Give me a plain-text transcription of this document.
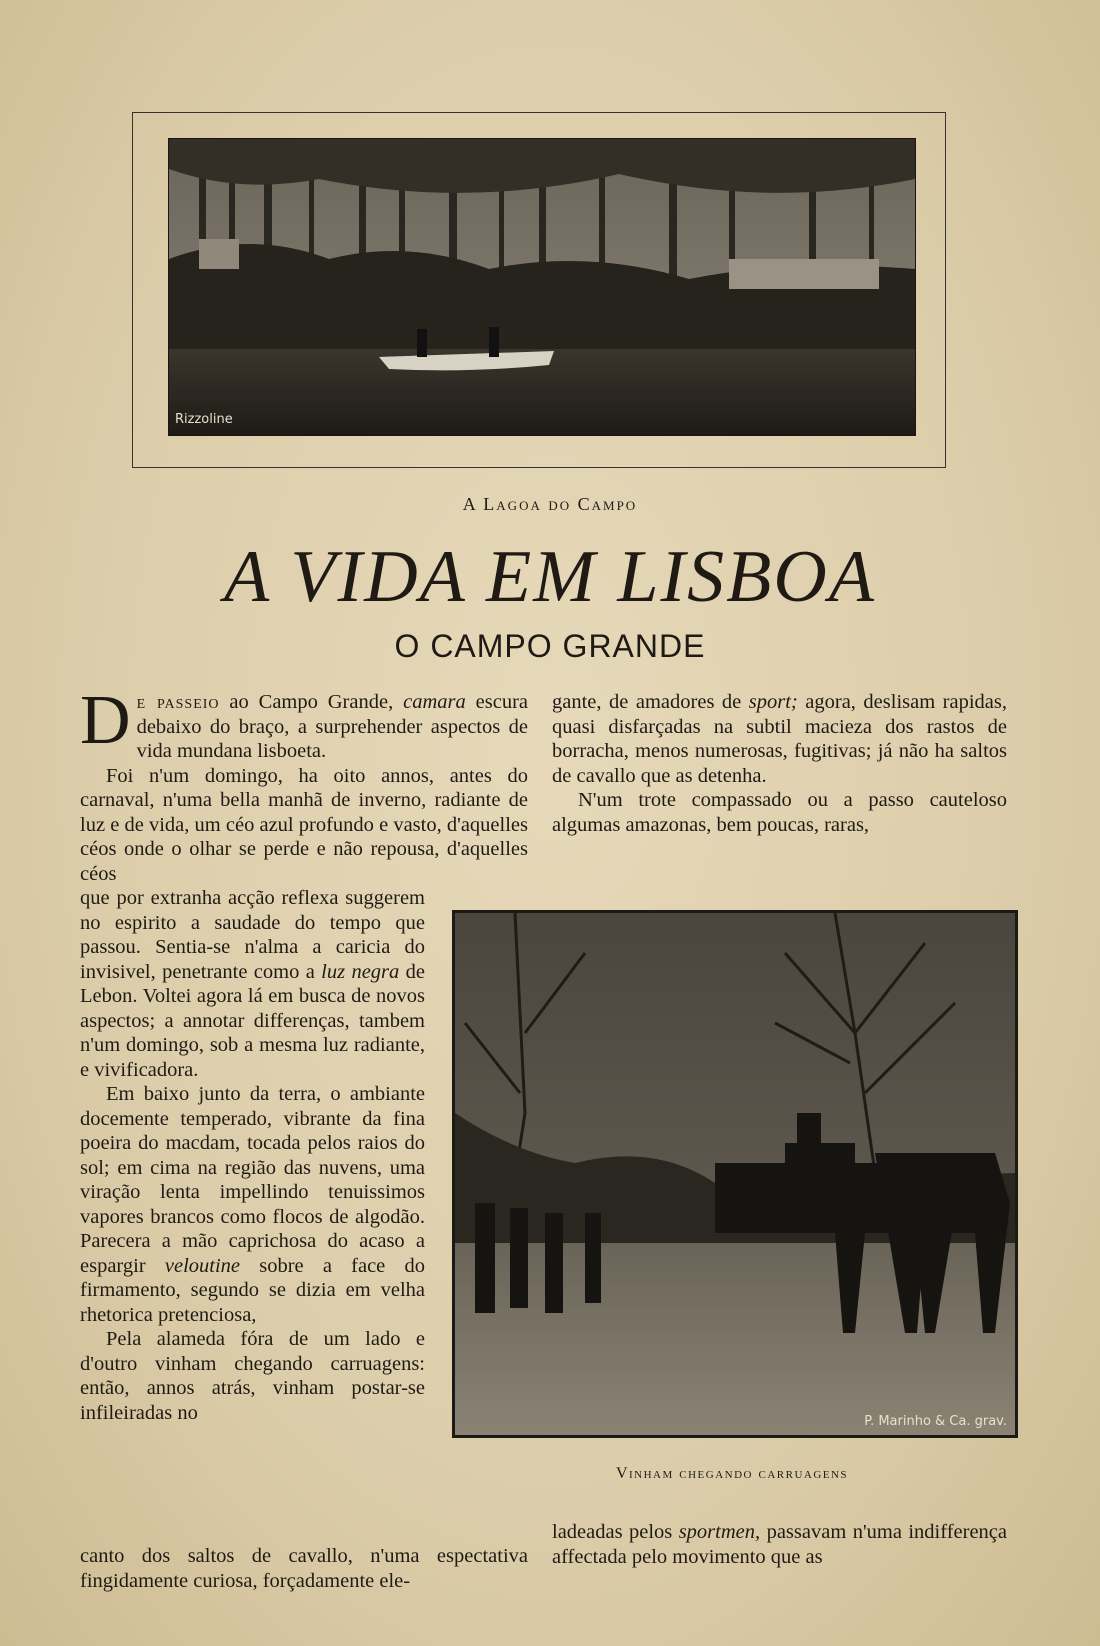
Rizzoline
A Lagoa do Campo
A VIDA EM LISBOA
O CAMPO GRANDE

De passeio ao Campo Grande, camara escura debaixo do braço, a surprehender aspectos de vida mundana lisboeta.

Foi n'um domingo, ha oito annos, antes do carnaval, n'uma bella manhã de inverno, radiante de luz e de vida, um céo azul profundo e vasto, d'aquelles céos onde o olhar se perde e não repousa, d'aquelles céos

que por extranha acção reflexa suggerem no espirito a saudade do tempo que passou. Sentia-se n'alma a caricia do invisivel, penetrante como a luz negra de Lebon. Voltei agora lá em busca de novos aspectos; a annotar differenças, tambem n'um domingo, sob a mesma luz radiante, e vivificadora.

Em baixo junto da terra, o ambiante docemente temperado, vibrante da fina poeira do macdam, tocada pelos raios do sol; em cima na região das nuvens, uma viração lenta impellindo tenuissimos vapores brancos como flocos de algodão. Parecera a mão caprichosa do acaso a espargir veloutine sobre a face do firmamento, segundo se dizia em velha rhetorica pretenciosa,

Pela alameda fóra de um lado e d'outro vinham chegando carruagens: então, annos atrás, vinham postar-se infileiradas no

canto dos saltos de cavallo, n'uma espectativa fingidamente curiosa, forçadamente ele-

gante, de amadores de sport; agora, deslisam rapidas, quasi disfarçadas na subtil macieza dos rastos de borracha, menos numerosas, fugitivas; já não ha saltos de cavallo que as detenha.

N'um trote compassado ou a passo cauteloso algumas amazonas, bem poucas, raras,

P. Marinho & Ca. grav.
Vinham chegando carruagens

ladeadas pelos sportmen, passavam n'uma indifferença affectada pelo movimento que as
